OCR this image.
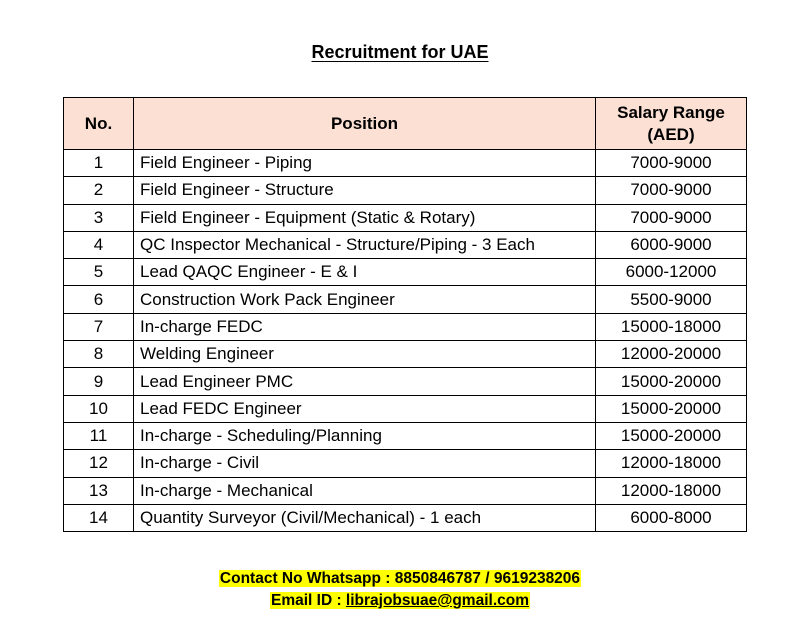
Recruitment for UAE
No.	Position	Salary Range (AED)

1	Field Engineer - Piping	7000-9000
2	Field Engineer - Structure	7000-9000
3	Field Engineer - Equipment (Static & Rotary)	7000-9000
4	QC Inspector Mechanical - Structure/Piping - 3 Each	6000-9000
5	Lead QAQC Engineer - E & I	6000-12000
6	Construction Work Pack Engineer	5500-9000
7	In-charge FEDC	15000-18000
8	Welding Engineer	12000-20000
9	Lead Engineer PMC	15000-20000
10	Lead FEDC Engineer	15000-20000
11	In-charge - Scheduling/Planning	15000-20000
12	In-charge - Civil	12000-18000
13	In-charge - Mechanical	12000-18000
14	Quantity Surveyor (Civil/Mechanical) - 1 each	6000-8000
Contact No Whatsapp : 8850846787 / 9619238206
Email ID : librajobsuae@gmail.com
